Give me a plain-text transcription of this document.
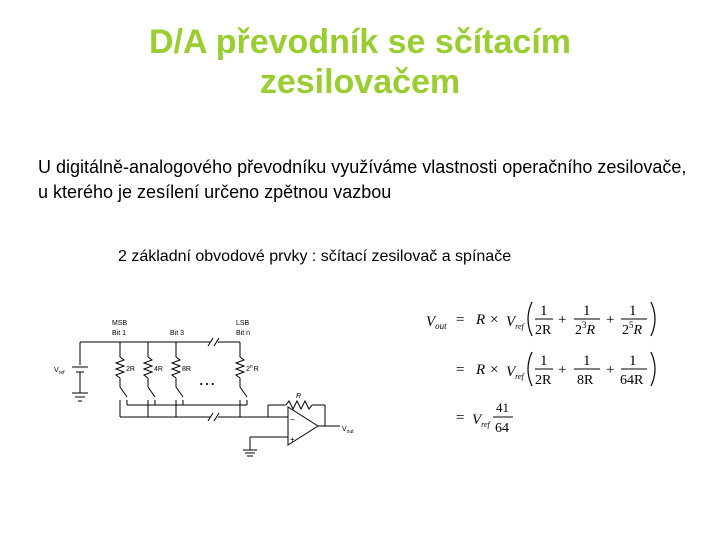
D/A převodník se sčítacím
zesilovačem

U digitálně-analogového převodníku využíváme vlastnosti operačního zesilovače, u kterého je zesílení určeno zpětnou vazbou

2 základní obvodové prvky : sčítací zesilovač a spínače

MSB
Bit 1	Bit 3
LSB
Bit n
$V_{ref}$	2R	4R	8R	2$^n$R
R
$V_{out}$
−
+
…
$V_{out} = R \times V_{ref}$
1
2R
+
1
$2^3R$
+
1
$2^5R$
= $R \times V_{ref}$
1
2R
+
1
8R
+
1
64R
= $V_{ref}$
41
64
